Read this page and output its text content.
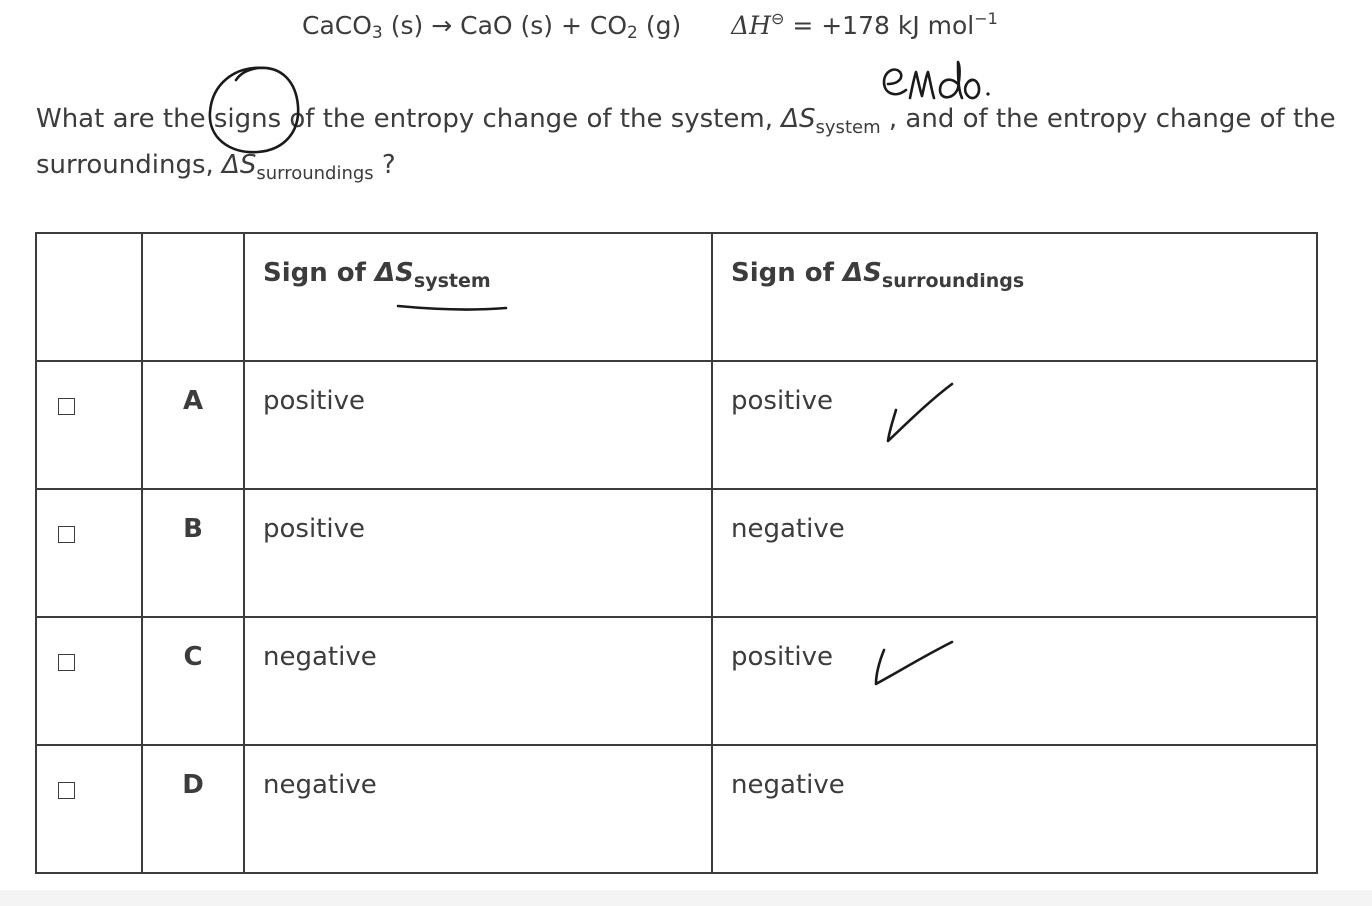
CaCO$_3$ (s) → CaO $(s) + CO_2$ (g) ΔH⊖ = +178 kJ mol$^{-1}$
What are the signs of the entropy change of the system, $\Delta S_{system}$ , and of the entropy change of the surroundings, $\Delta S_{surroundings}$ ?

		Sign of $\Delta S_{system}$	Sign of $\Delta S_{surroundings}$

	A	positive	positive

	B	positive	negative

	C	negative	positive

	D	negative	negative
